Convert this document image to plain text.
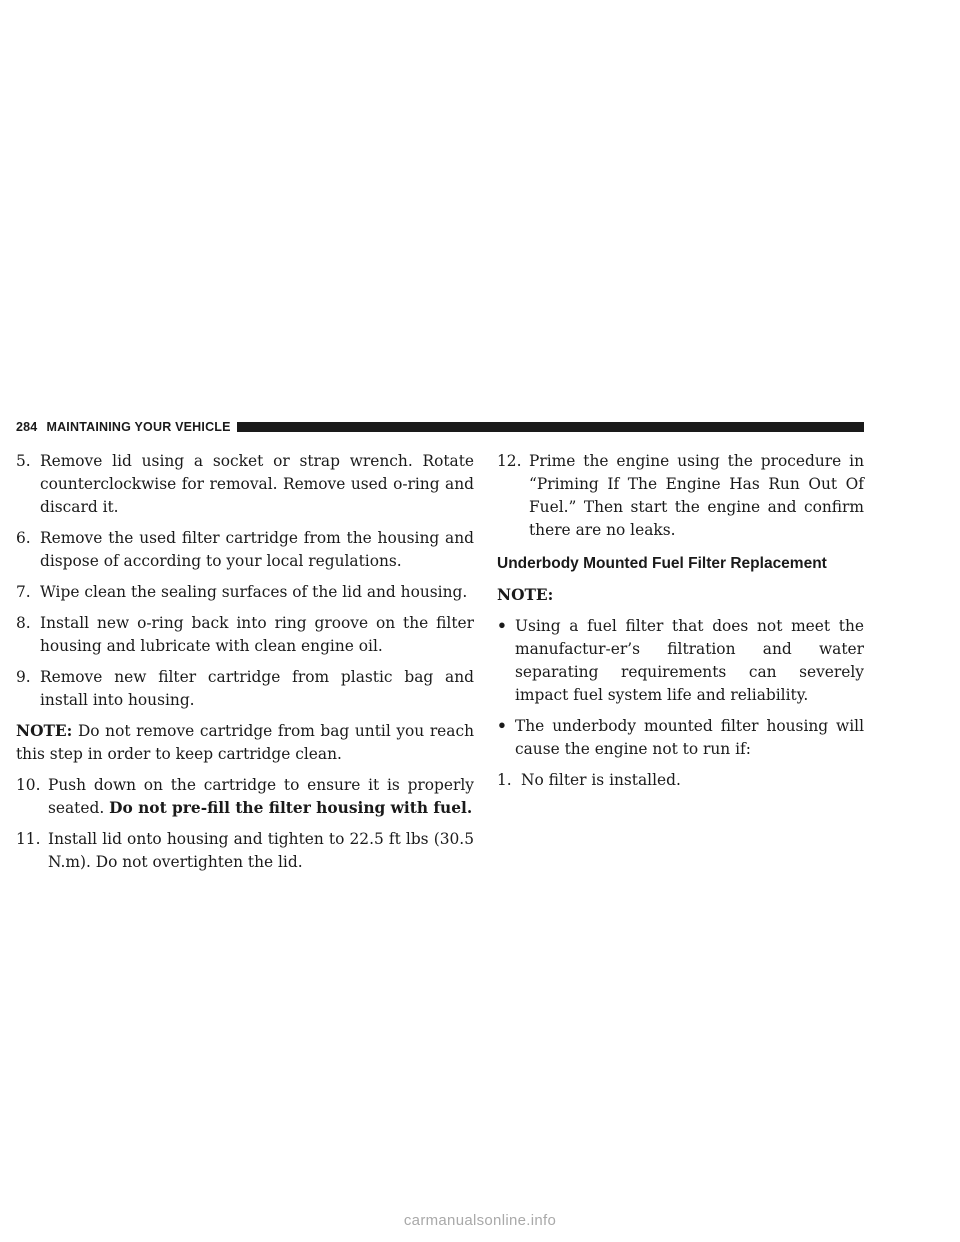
284 MAINTAINING YOUR VEHICLE
5. Remove lid using a socket or strap wrench. Rotate counterclockwise for removal. Remove used o-ring and discard it.
6. Remove the used filter cartridge from the housing and dispose of according to your local regulations.
7. Wipe clean the sealing surfaces of the lid and housing.
8. Install new o-ring back into ring groove on the filter housing and lubricate with clean engine oil.
9. Remove new filter cartridge from plastic bag and install into housing.
NOTE: Do not remove cartridge from bag until you reach this step in order to keep cartridge clean.
10. Push down on the cartridge to ensure it is properly seated. Do not pre-fill the filter housing with fuel.
11. Install lid onto housing and tighten to 22.5 ft lbs (30.5 N.m). Do not overtighten the lid.
12. Prime the engine using the procedure in “Priming If The Engine Has Run Out Of Fuel.” Then start the engine and confirm there are no leaks.
Underbody Mounted Fuel Filter Replacement
NOTE:
• Using a fuel filter that does not meet the manufactur-er’s filtration and water separating requirements can severely impact fuel system life and reliability.
• The underbody mounted filter housing will cause the engine not to run if:
1. No filter is installed.
carmanualsonline.info
